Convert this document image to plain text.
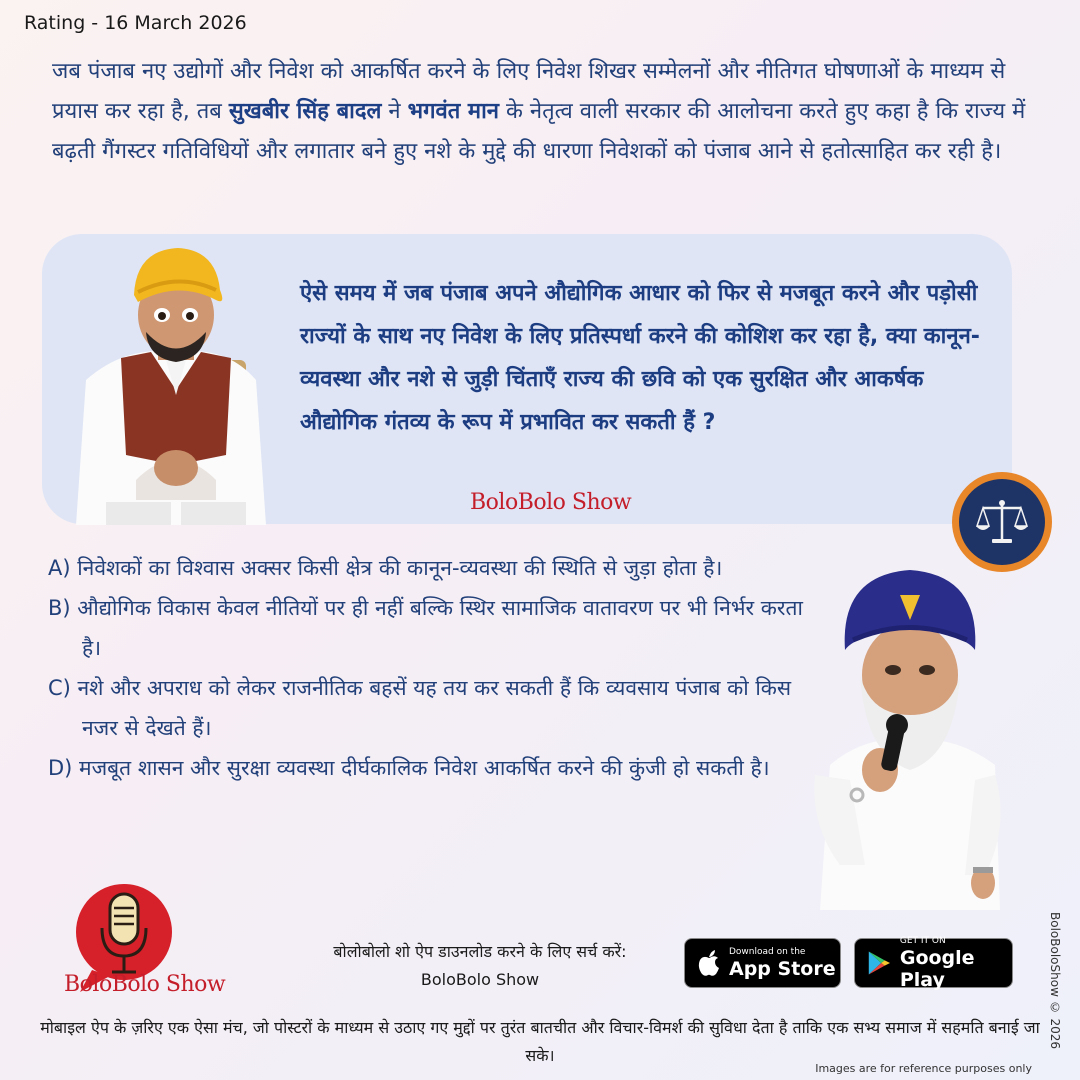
Rating - 16 March 2026
जब पंजाब नए उद्योगों और निवेश को आकर्षित करने के लिए निवेश शिखर सम्मेलनों और नीतिगत घोषणाओं के माध्यम से प्रयास कर रहा है, तब सुखबीर सिंह बादल ने भगवंत मान के नेतृत्व वाली सरकार की आलोचना करते हुए कहा है कि राज्य में बढ़ती गैंगस्टर गतिविधियों और लगातार बने हुए नशे के मुद्दे की धारणा निवेशकों को पंजाब आने से हतोत्साहित कर रही है।
ऐसे समय में जब पंजाब अपने औद्योगिक आधार को फिर से मजबूत करने और पड़ोसी राज्यों के साथ नए निवेश के लिए प्रतिस्पर्धा करने की कोशिश कर रहा है, क्या कानून-व्यवस्था और नशे से जुड़ी चिंताएँ राज्य की छवि को एक सुरक्षित और आकर्षक औद्योगिक गंतव्य के रूप में प्रभावित कर सकती हैं ?
BoloBolo Show
A) निवेशकों का विश्वास अक्सर किसी क्षेत्र की कानून-व्यवस्था की स्थिति से जुड़ा होता है।
B) औद्योगिक विकास केवल नीतियों पर ही नहीं बल्कि स्थिर सामाजिक वातावरण पर भी निर्भर करता है।
C) नशे और अपराध को लेकर राजनीतिक बहसें यह तय कर सकती हैं कि व्यवसाय पंजाब को किस नजर से देखते हैं।
D) मजबूत शासन और सुरक्षा व्यवस्था दीर्घकालिक निवेश आकर्षित करने की कुंजी हो सकती है।
BoloBolo Show
बोलोबोलो शो ऐप डाउनलोड करने के लिए सर्च करें:
BoloBolo Show
Download on the
App Store
GET IT ON
Google Play
मोबाइल ऐप के ज़रिए एक ऐसा मंच, जो पोस्टरों के माध्यम से उठाए गए मुद्दों पर तुरंत बातचीत और विचार-विमर्श की सुविधा देता है ताकि एक सभ्य समाज में सहमति बनाई जा सके।
Images are for reference purposes only
BoloBoloShow © 2026
